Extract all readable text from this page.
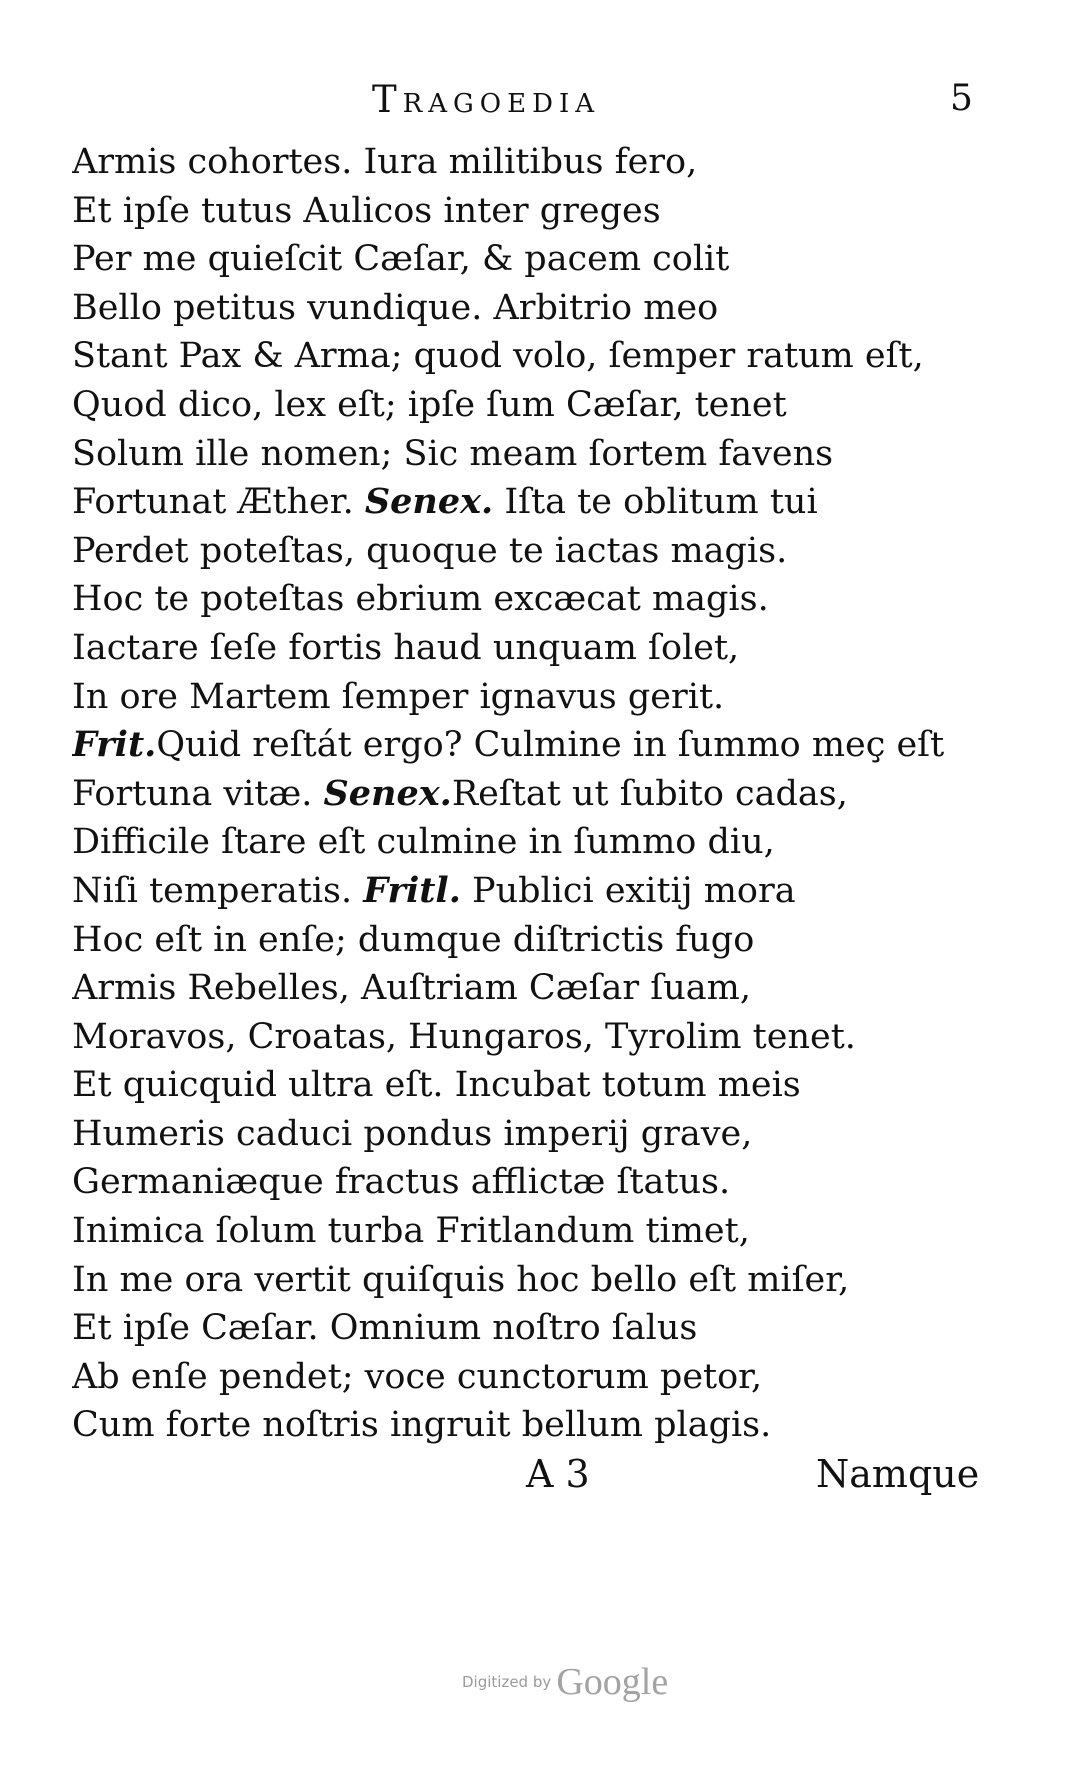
Tragoedia	5
Armis cohortes. Iura militibus fero,
Et ipſe tutus Aulicos inter greges
Per me quieſcit Cæſar, & pacem colit
Bello petitus vundique. Arbitrio meo
Stant Pax & Arma; quod volo, ſemper ratum eſt,
Quod dico, lex eſt; ipſe ſum Cæſar, tenet
Solum ille nomen; Sic meam ſortem favens
Fortunat Æther. Senex. Iſta te oblitum tui
Perdet poteſtas, quoque te iactas magis.
Hoc te poteſtas ebrium excæcat magis.
Iactare ſeſe fortis haud unquam ſolet,
In ore Martem ſemper ignavus gerit.
Frit.Quid reſtát ergo? Culmine in ſummo meç eſt
Fortuna vitæ. Senex.Reſtat ut ſubito cadas,
Difficile ſtare eſt culmine in ſummo diu,
Niſi temperatis. Fritl. Publici exitij mora
Hoc eſt in enſe; dumque diſtrictis fugo
Armis Rebelles, Auſtriam Cæſar ſuam,
Moravos, Croatas, Hungaros, Tyrolim tenet.
Et quicquid ultra eſt. Incubat totum meis
Humeris caduci pondus imperij grave,
Germaniæque fractus afflictæ ſtatus.
Inimica ſolum turba Fritlandum timet,
In me ora vertit quiſquis hoc bello eſt miſer,
Et ipſe Cæſar. Omnium noſtro ſalus
Ab enſe pendet; voce cunctorum petor,
Cum forte noſtris ingruit bellum plagis.
A 3	Namque
Digitized by Google
